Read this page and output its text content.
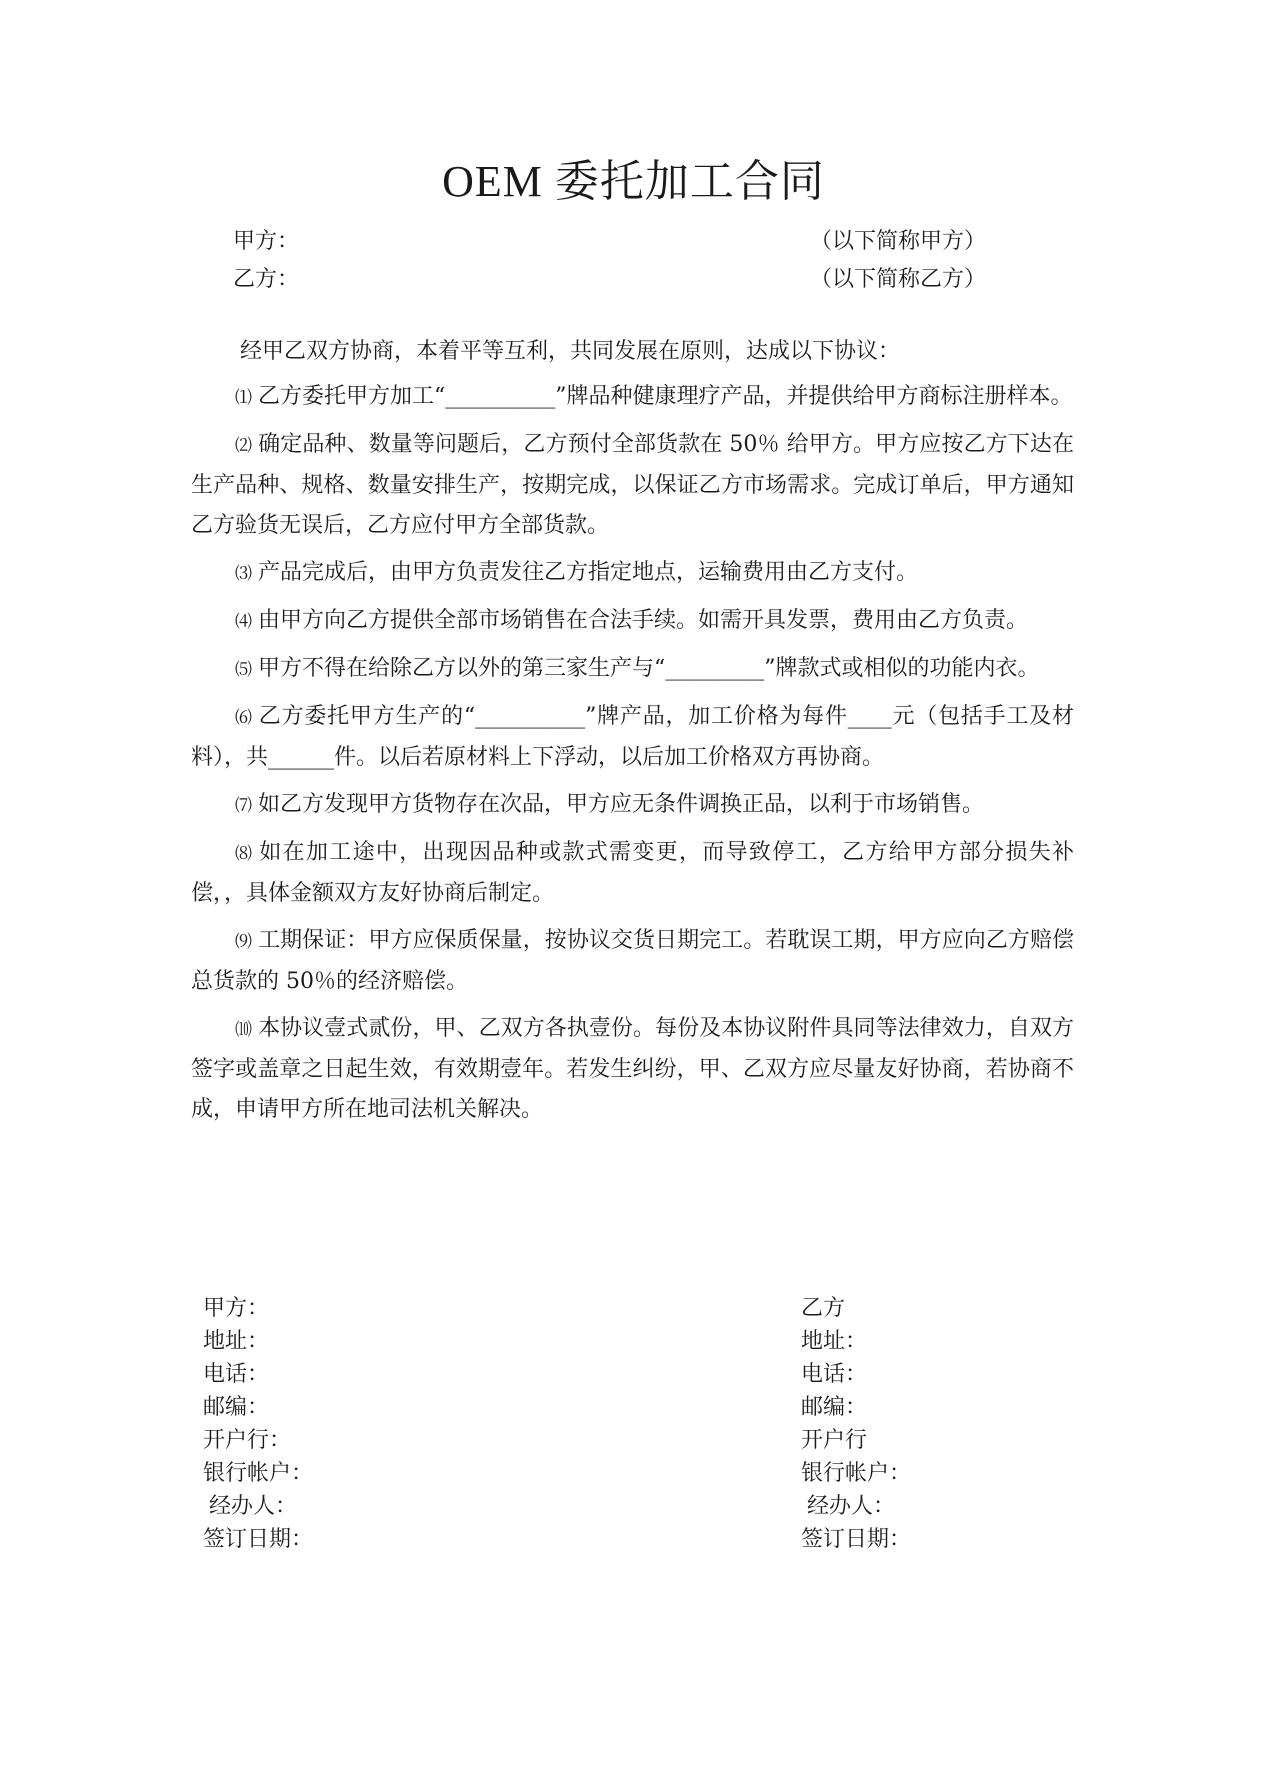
OEM 委托加工合同
甲方：	（以下简称甲方）
乙方：	（以下简称乙方）
经甲乙双方协商，本着平等互利，共同发展在原则，达成以下协议：

⑴ 乙方委托甲方加工“__________”牌品种健康理疗产品，并提供给甲方商标注册样本。

⑵ 确定品种、数量等问题后，乙方预付全部货款在 50％ 给甲方。甲方应按乙方下达在生产品种、规格、数量安排生产，按期完成，以保证乙方市场需求。完成订单后，甲方通知乙方验货无误后，乙方应付甲方全部货款。

⑶ 产品完成后，由甲方负责发往乙方指定地点，运输费用由乙方支付。

⑷ 由甲方向乙方提供全部市场销售在合法手续。如需开具发票，费用由乙方负责。

⑸ 甲方不得在给除乙方以外的第三家生产与“_________”牌款式或相似的功能内衣。

⑹ 乙方委托甲方生产的“__________”牌产品，加工价格为每件____元（包括手工及材料），共______件。以后若原材料上下浮动，以后加工价格双方再协商。

⑺ 如乙方发现甲方货物存在次品，甲方应无条件调换正品，以利于市场销售。

⑻ 如在加工途中，出现因品种或款式需变更，而导致停工，乙方给甲方部分损失补偿，，具体金额双方友好协商后制定。

⑼ 工期保证：甲方应保质保量，按协议交货日期完工。若耽误工期，甲方应向乙方赔偿总货款的 50％的经济赔偿。

⑽ 本协议壹式贰份，甲、乙双方各执壹份。每份及本协议附件具同等法律效力，自双方签字或盖章之日起生效，有效期壹年。若发生纠纷，甲、乙双方应尽量友好协商，若协商不成，申请甲方所在地司法机关解决。

甲方：
地址：
电话：
邮编：
开户行：
银行帐户：
经办人：
签订日期：
乙方
地址：
电话：
邮编：
开户行
银行帐户：
经办人：
签订日期：
